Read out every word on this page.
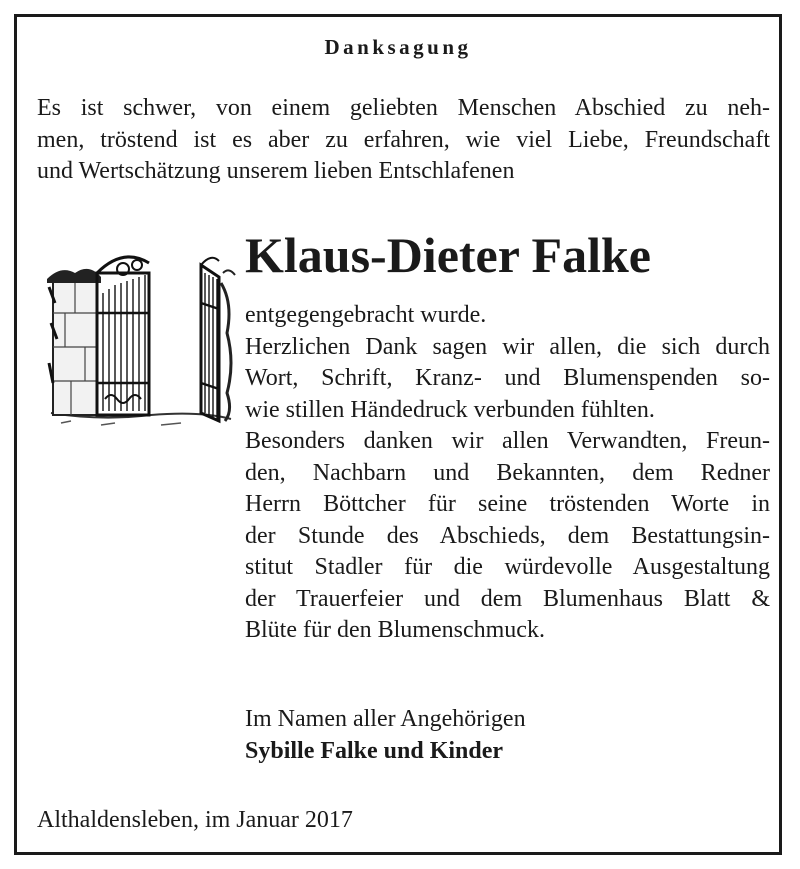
Danksagung
Es ist schwer, von einem geliebten Menschen Abschied zu neh-
men, tröstend ist es aber zu erfahren, wie viel Liebe, Freundschaft
und Wertschätzung unserem lieben Entschlafenen
Klaus-Dieter Falke
entgegengebracht wurde.
Herzlichen Dank sagen wir allen, die sich durch
Wort, Schrift, Kranz- und Blumenspenden so-
wie stillen Händedruck verbunden fühlten.
Besonders danken wir allen Verwandten, Freun-
den, Nachbarn und Bekannten, dem Redner
Herrn Böttcher für seine tröstenden Worte in
der Stunde des Abschieds, dem Bestattungsin-
stitut Stadler für die würdevolle Ausgestaltung
der Trauerfeier und dem Blumenhaus Blatt &
Blüte für den Blumenschmuck.
Im Namen aller Angehörigen
Sybille Falke und Kinder
Althaldensleben, im Januar 2017
